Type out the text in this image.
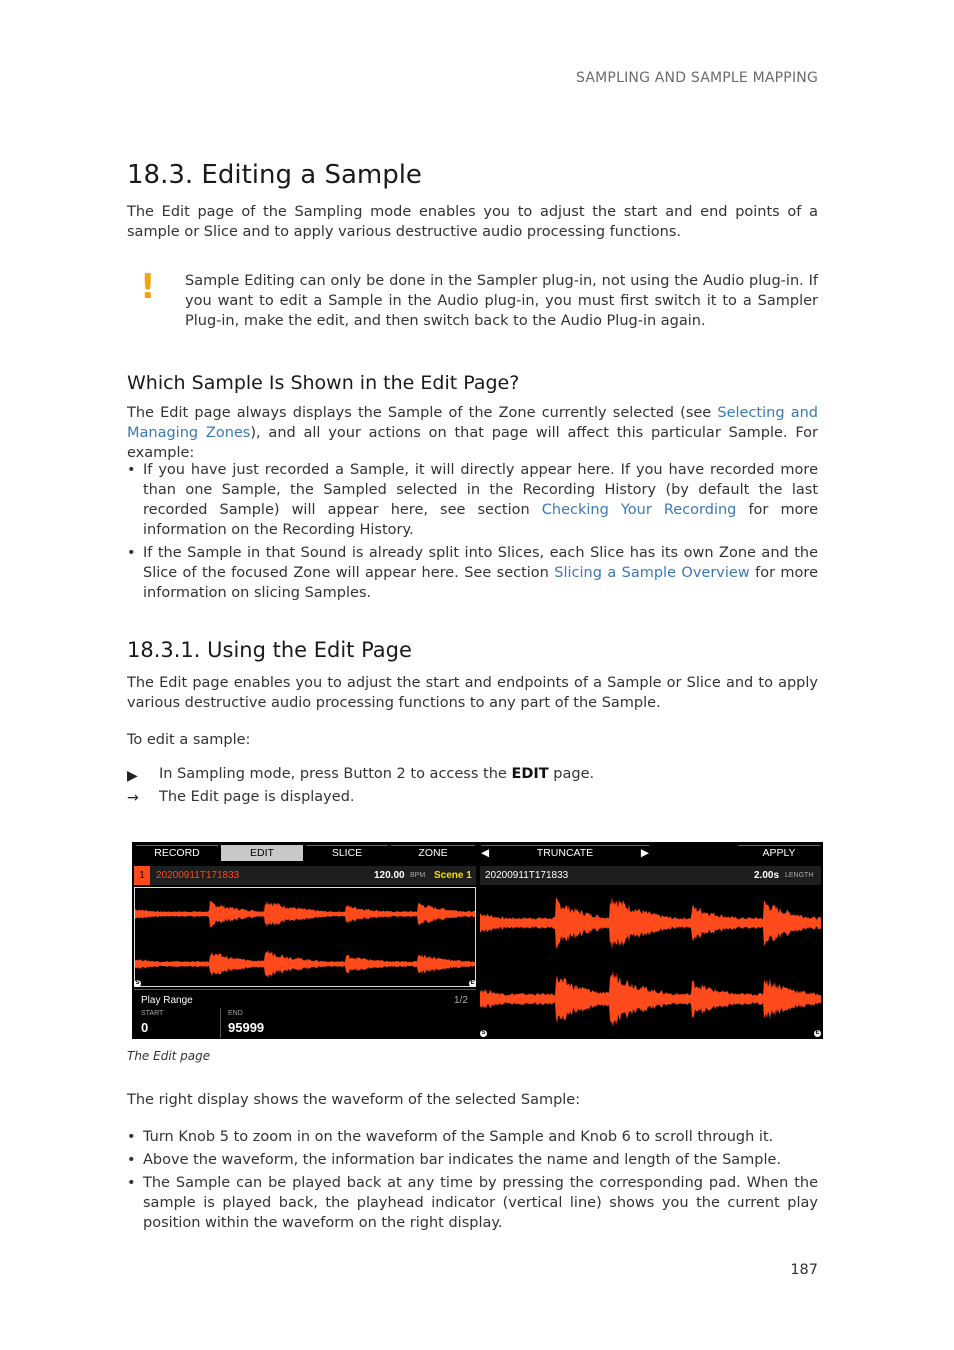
SAMPLING AND SAMPLE MAPPING
18.3. Editing a Sample

The Edit page of the Sampling mode enables you to adjust the start and end points of a sample or Slice and to apply various destructive audio processing functions.

! Sample Editing can only be done in the Sampler plug-in, not using the Audio plug-in. If you want to edit a Sample in the Audio plug-in, you must first switch it to a Sampler Plug-in, make the edit, and then switch back to the Audio Plug-in again.

Which Sample Is Shown in the Edit Page?

The Edit page always displays the Sample of the Zone currently selected (see Selecting and Managing Zones), and all your actions on that page will affect this particular Sample. For example:

• If you have just recorded a Sample, it will directly appear here. If you have recorded more than one Sample, the Sampled selected in the Recording History (by default the last recorded Sample) will appear here, see section Checking Your Recording for more information on the Recording History.
• If the Sample in that Sound is already split into Slices, each Slice has its own Zone and the Slice of the focused Zone will appear here. See section Slicing a Sample Overview for more information on slicing Samples.
18.3.1. Using the Edit Page

The Edit page enables you to adjust the start and endpoints of a Sample or Slice and to apply various destructive audio processing functions to any part of the Sample.

To edit a sample:

▶ In Sampling mode, press Button 2 to access the EDIT page.
→ The Edit page is displayed.
RECORD	EDIT	SLICE	ZONE	◀	TRUNCATE	▶	APPLY
1	20200911T171833	120.00 BPM Scene 1 20200911T171833	2.00s LENGTH
S	E
Play Range	1/2
START
0
END
95999	S	E
The Edit page

The right display shows the waveform of the selected Sample:

• Turn Knob 5 to zoom in on the waveform of the Sample and Knob 6 to scroll through it.
• Above the waveform, the information bar indicates the name and length of the Sample.
• The Sample can be played back at any time by pressing the corresponding pad. When the sample is played back, the playhead indicator (vertical line) shows you the current play position within the waveform on the right display.
187
